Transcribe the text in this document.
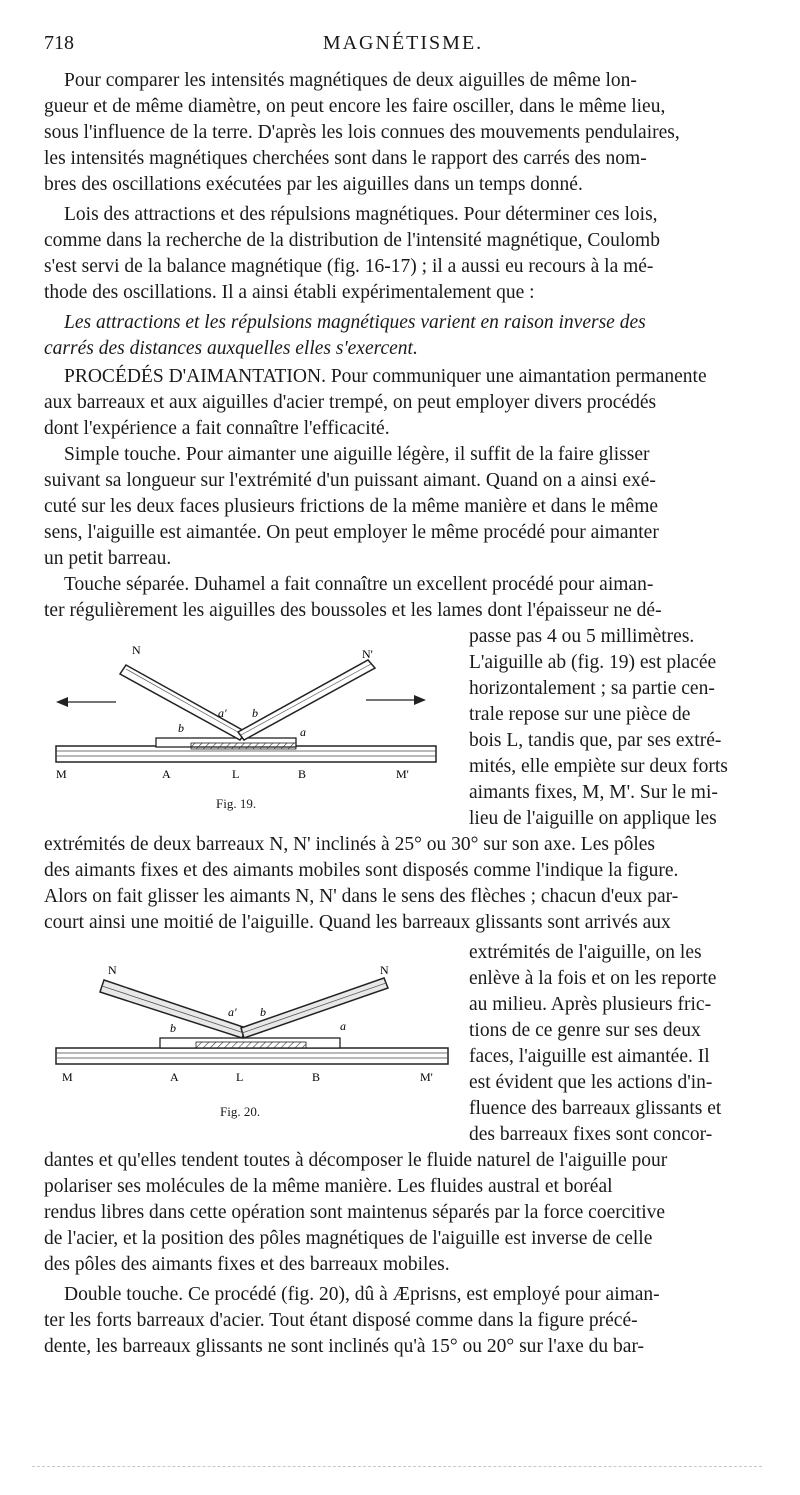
718	MAGNÉTISME.
Pour comparer les intensités magnétiques de deux aiguilles de même lon-
gueur et de même diamètre, on peut encore les faire osciller, dans le même lieu,
sous l'influence de la terre. D'après les lois connues des mouvements pendulaires,
les intensités magnétiques cherchées sont dans le rapport des carrés des nom-
bres des oscillations exécutées par les aiguilles dans un temps donné.
Lois des attractions et des répulsions magnétiques. Pour déterminer ces lois,
comme dans la recherche de la distribution de l'intensité magnétique, Coulomb
s'est servi de la balance magnétique (fig. 16-17) ; il a aussi eu recours à la mé-
thode des oscillations. Il a ainsi établi expérimentalement que :
Les attractions et les répulsions magnétiques varient en raison inverse des
carrés des distances auxquelles elles s'exercent.
PROCÉDÉS D'AIMANTATION. Pour communiquer une aimantation permanente
aux barreaux et aux aiguilles d'acier trempé, on peut employer divers procédés
dont l'expérience a fait connaître l'efficacité.
Simple touche. Pour aimanter une aiguille légère, il suffit de la faire glisser
suivant sa longueur sur l'extrémité d'un puissant aimant. Quand on a ainsi exé-
cuté sur les deux faces plusieurs frictions de la même manière et dans le même
sens, l'aiguille est aimantée. On peut employer le même procédé pour aimanter
un petit barreau.
Touche séparée. Duhamel a fait connaître un excellent procédé pour aiman-
ter régulièrement les aiguilles des boussoles et les lames dont l'épaisseur ne dé-
passe pas 4 ou 5 millimètres.
L'aiguille ab (fig. 19) est placée
horizontalement ; sa partie cen-
trale repose sur une pièce de
bois L, tandis que, par ses extré-
mités, elle empiète sur deux forts
aimants fixes, M, M'. Sur le mi-
lieu de l'aiguille on applique les
N	N'
a' b
b	a
M	A	L	B	M'
Fig. 19.
extrémités de deux barreaux N, N' inclinés à 25° ou 30° sur son axe. Les pôles
des aimants fixes et des aimants mobiles sont disposés comme l'indique la figure.
Alors on fait glisser les aimants N, N' dans le sens des flèches ; chacun d'eux par-
court ainsi une moitié de l'aiguille. Quand les barreaux glissants sont arrivés aux
extrémités de l'aiguille, on les
enlève à la fois et on les reporte
au milieu. Après plusieurs fric-
tions de ce genre sur ses deux
faces, l'aiguille est aimantée. Il
est évident que les actions d'in-
fluence des barreaux glissants et
des barreaux fixes sont concor-
N	N
a' b
b	a
M	A	L	B	M'
Fig. 20.
dantes et qu'elles tendent toutes à décomposer le fluide naturel de l'aiguille pour
polariser ses molécules de la même manière. Les fluides austral et boréal
rendus libres dans cette opération sont maintenus séparés par la force coercitive
de l'acier, et la position des pôles magnétiques de l'aiguille est inverse de celle
des pôles des aimants fixes et des barreaux mobiles.
Double touche. Ce procédé (fig. 20), dû à Æprisns, est employé pour aiman-
ter les forts barreaux d'acier. Tout étant disposé comme dans la figure précé-
dente, les barreaux glissants ne sont inclinés qu'à 15° ou 20° sur l'axe du bar-
